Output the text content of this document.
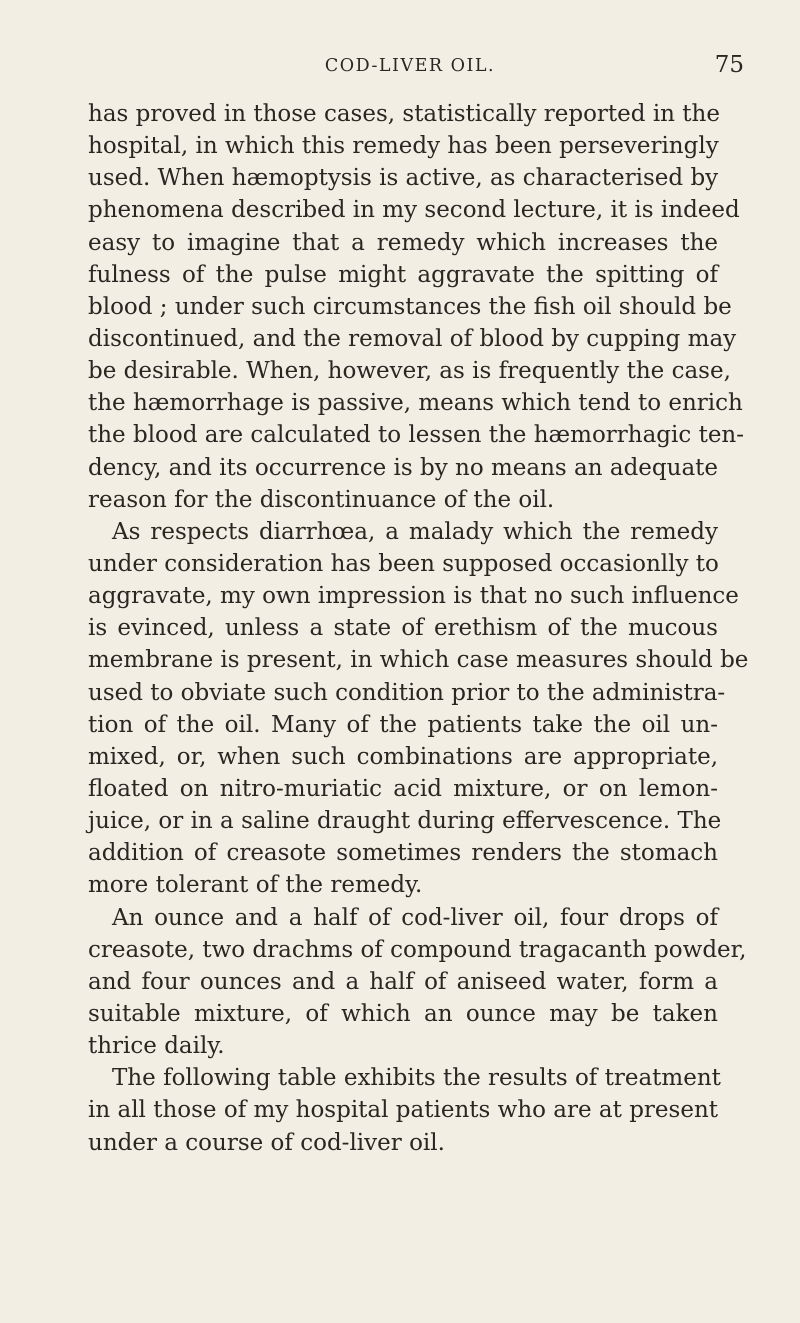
COD-LIVER OIL.	75
has proved in those cases, statistically reported in the
hospital, in which this remedy has been perseveringly
used. When hæmoptysis is active, as characterised by
phenomena described in my second lecture, it is indeed
easy to imagine that a remedy which increases the
fulness of the pulse might aggravate the spitting of
blood ; under such circumstances the fish oil should be
discontinued, and the removal of blood by cupping may
be desirable. When, however, as is frequently the case,
the hæmorrhage is passive, means which tend to enrich
the blood are calculated to lessen the hæmorrhagic ten-
dency, and its occurrence is by no means an adequate
reason for the discontinuance of the oil.
As respects diarrhœa, a malady which the remedy
under consideration has been supposed occasionlly to
aggravate, my own impression is that no such influence
is evinced, unless a state of erethism of the mucous
membrane is present, in which case measures should be
used to obviate such condition prior to the administra-
tion of the oil. Many of the patients take the oil un-
mixed, or, when such combinations are appropriate,
floated on nitro-muriatic acid mixture, or on lemon-
juice, or in a saline draught during effervescence. The
addition of creasote sometimes renders the stomach
more tolerant of the remedy.
An ounce and a half of cod-liver oil, four drops of
creasote, two drachms of compound tragacanth powder,
and four ounces and a half of aniseed water, form a
suitable mixture, of which an ounce may be taken
thrice daily.
The following table exhibits the results of treatment
in all those of my hospital patients who are at present
under a course of cod-liver oil.
